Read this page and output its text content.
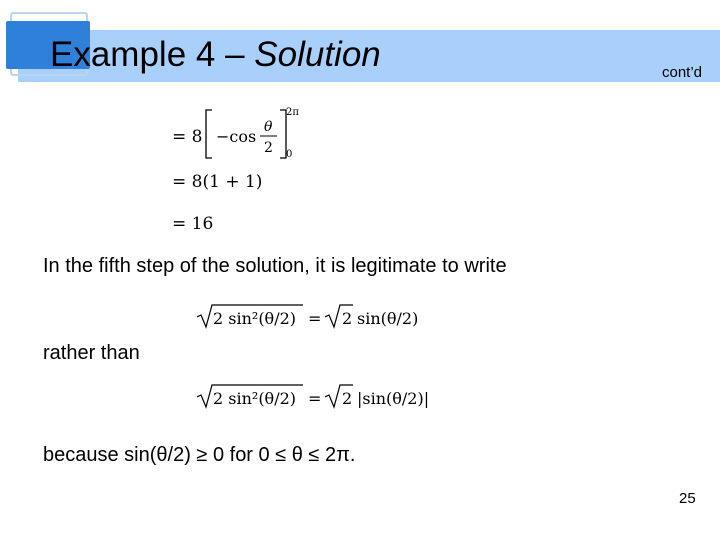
Example 4 – Solution	cont’d
= 8 −cos θ
2
2π
0
= 8(1 + 1)
= 16
In the fifth step of the solution, it is legitimate to write
2 sin²(θ/2) = 2 sin(θ/2)
rather than
2 sin²(θ/2) = 2 |sin(θ/2)|
because sin(θ/2) ≥ 0 for 0 ≤ θ ≤ 2π.
25
